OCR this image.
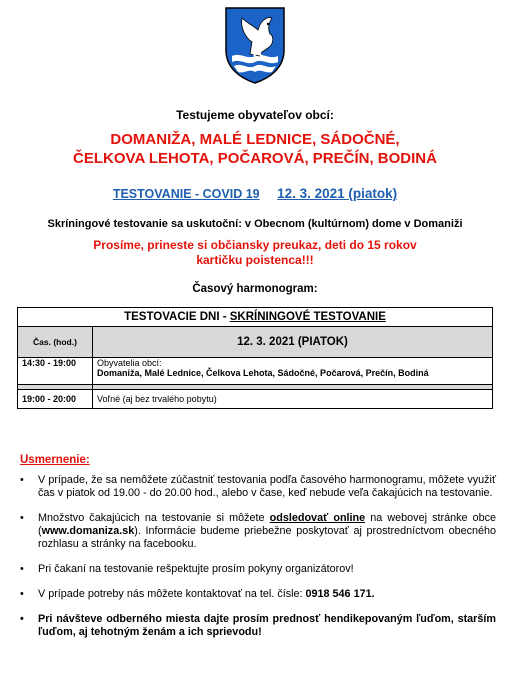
Testujeme obyvateľov obcí:
DOMANIŽA, MALÉ LEDNICE, SÁDOČNÉ,
ČELKOVA LEHOTA, POČAROVÁ, PREČÍN, BODINÁ
TESTOVANIE - COVID 19 12. 3. 2021 (piatok)
Skríningové testovanie sa uskutoční: v Obecnom (kultúrnom) dome v Domaniži
Prosíme, prineste si občiansky preukaz, deti do 15 rokov
kartičku poistenca!!!
Časový harmonogram:
TESTOVACIE DNI - SKRÍNINGOVÉ TESTOVANIE	
Čas. (hod.)	12. 3. 2021 (PIATOK)
14:30 - 19:00	Obyvatelia obcí:
Domaniža, Malé Lednice, Čelkova Lehota, Sádočné, Počarová, Prečín, Bodiná

19:00 - 20:00	Voľné (aj bez trvalého pobytu)
Usmernenie:
• V prípade, že sa nemôžete zúčastniť testovania podľa časového harmonogramu, môžete využiť čas v piatok od 19.00 - do 20.00 hod., alebo v čase, keď nebude veľa čakajúcich na testovanie.
• Množstvo čakajúcich na testovanie si môžete odsledovať online na webovej stránke obce (www.domaniza.sk). Informácie budeme priebežne poskytovať aj prostredníctvom obecného rozhlasu a stránky na facebooku.
• Pri čakaní na testovanie rešpektujte prosím pokyny organizátorov!
• V prípade potreby nás môžete kontaktovať na tel. čísle: 0918 546 171.
• Pri návšteve odberného miesta dajte prosím prednosť hendikepovaným ľuďom, starším ľuďom, aj tehotným ženám a ich sprievodu!
